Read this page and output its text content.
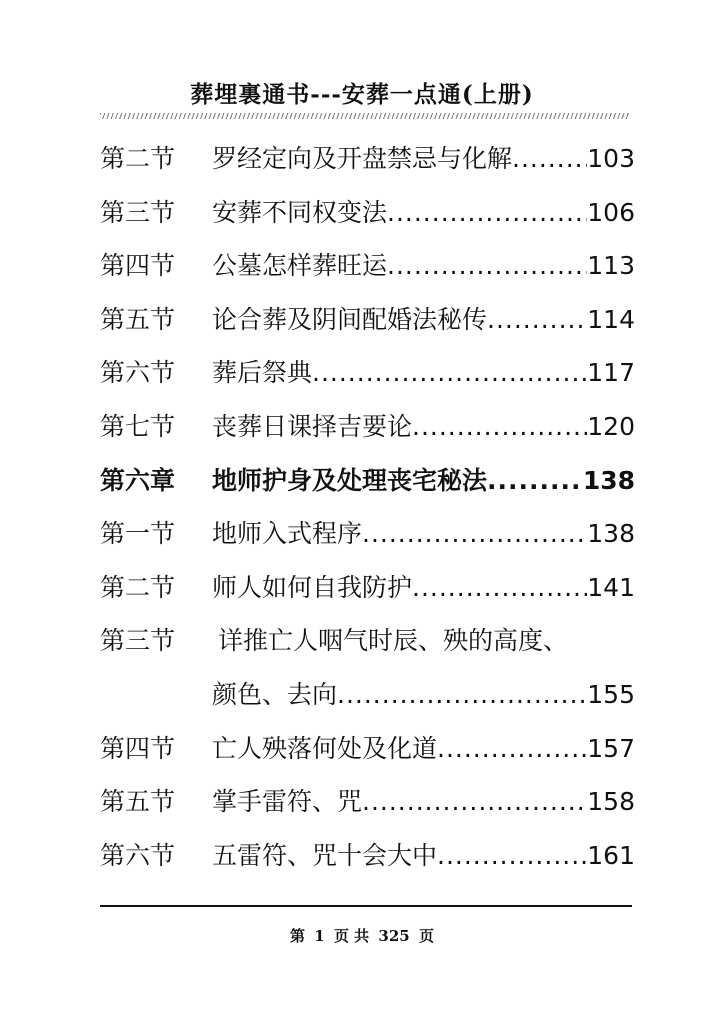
葬埋裏通书---安葬一点通(上册)
第二节	罗经定向及开盘禁忌与化解 .....	103
第三节	安葬不同权变法 .....	106
第四节	公墓怎样葬旺运 .....	113
第五节	论合葬及阴间配婚法秘传 .....	114
第六节	葬后祭典 .....	117
第七节	丧葬日课择吉要论 .....	120
第六章	地师护身及处理丧宅秘法 .....	138
第一节	地师入式程序 .....	138
第二节	师人如何自我防护 .....	141
第三节	详推亡人咽气时辰、殃的高度、
颜色、去向 .....	155
第四节	亡人殃落何处及化道 .....	157
第五节	掌手雷符、咒 .....	158
第六节	五雷符、咒十会大中 .....	161
第 1 页 共 325 页
